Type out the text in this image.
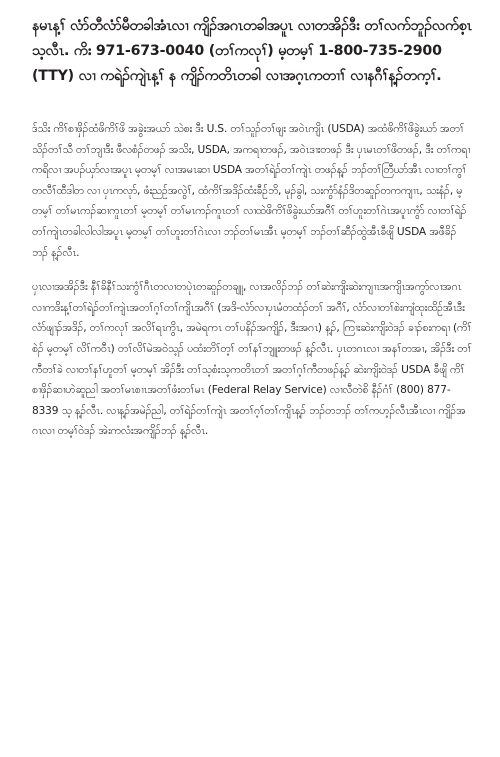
နမၤန့ၢ် လံာ်တီလံာ်မီတခါအံၤလၢ ကျိၣ်အဂၤတခါအပူၤ လၢတအိၣ်ဒီး တၢ်လက်ဘူၣ်လက်စ့ၤသ့လီၤ. ကိး 971-673-0040 (တၢ်ကလုၢ်) မ့တမ့ၢ် 1-800-735-2900 (TTY) လၢ ကရဲၣ်ကျဲၤန့ၢ် န ကျိၣ်ကတိၤတခါ လၢအဂ့ၤကတၢၢ် လၢနဂီၢ်န့ၣ်တက့ၢ်.

ဒ်သိး ကိၢ်စၢဖှိၣ်ထံဖိကိၢ်ဖိ အခွဲးအယာ် သဲစး ဒီး U.S. တၢ်သူၣ်တၢ်ဖျး အဝဲၤကျိၤ (USDA) အထံဖိကိၢ်ဖိခွဲးယာ် အတၢ်သိၣ်တၢ်သီ တၢ်ဘျၢဒီး ဖီလစံၣ်တဖၣ် အသိး, USDA, အကရၢတဖၣ်, အဝဲၤဒၢးတဖၣ် ဒီး ပှၤမၤတၢ်ဖိတဖၣ်, ဒီး တၢ်ကရၢကရိလၢ အပၣ်ယှာ်လၢအပူၤ မ့တမ့ၢ် လၢအမၤဆၢ USDA အတၢ်ရဲၣ်တၢ်ကျဲၤ တဖၣ်န့ၣ် ဘၣ်တၢ်တြီယာ်အီၤ လၢတၢ်ကွၢ်တလီၢ်ထီဒါတ လၢ ပှၤကလုာ်, ဖံးညဉ်အလွဲၢ်, ထံကိၢ်အဒိၣ်ထံးခီဉ်ဘိ, မုၣ်ခွါ, သးကွံာ်နံၣ်ဒိတဆူၣ်တကကျၢၤ, သးနံၣ်, မ့တမ့ၢ် တၢ်မၤကၣ်ဆၢကူၤတၢ် မ့တမ့ၢ် တၢ်မၤကၣ်ကူၤတၢ် လၢထဲဖိကိၢ်ဖိခွဲးယာ်အဂီၢ် တၢ်ဟူးတၢ်ဂဲၤအပူၤကွံာ် လၢတၢ်ရဲၣ်တၢ်ကျဲၤတခါလါလါအပူၤ မ့တမ့ၢ် တၢ်ဟူးတၢ်ဂဲၤလၢ ဘၣ်တၢ်မၤအီၤ မ့တမ့ၢ် ဘၣ်တၢ်ဆီၣ်ထွဲအီၤခီဖျိ USDA အဖီခိၣ်ဘၣ် န့ၣ်လီၤ.

ပှၤလၢအအိၣ်ဒီး နီၢ်ခိနီၢ်သးကွံၢ်ဂီၤတလၢတပုဲၤတဆူၣ်တချူ, လၢအလိၣ်ဘၣ် တၢ်ဆဲးကျိးဆဲးကျၢၤအကျိၤအကွာ်လၢအဂၤ လၢကဒိးန့ၢ်တၢ်ရဲၣ်တၢ်ကျဲၤအတၢ်ဂ့ၢ်တၢ်ကျိၤအဂီၢ် (အဒိ-လံာ်လၢပှၤမံတထံၣ်တၢ် အဂီၢ်, လံာ်လၢတၢ်စဲးကျံထုးထိဉ်အီၤဒီး လံာ်ဖျၢၣ်အဒိၣ်, တၢ်ကလုၢ် အလိၢ်ရၤကွိၤ, အမဲရကၤ တၢ်ပနိၣ်အကျိၣ်, ဒီးအဂၤ) န့ၣ်, ကြၢးဆဲးကျိးဝဲဒၣ် ခၢၣ်စးကရၢ (ကိၢ်စဲၣ် မ့တမ့ၢ် လိၢ်ကဝီၤ) တၢ်လိၢ်မဲအဝဲသ့ၣ် ပထံးတိၢ်တ့ၢ် တၢ်နၢ်ဘျူးတဖၣ် န့ၣ်လီၤ. ပှၤတဂၤလၢ အနၢ်တအၢ, အိၣ်ဒီး တၢ်ကီတၢ်ခဲ လၢတၢ်နၢ်ဟူတၢ် မ့တမ့ၢ် အိၣ်ဒီး တၢ်သ့စံးသ့ကတိၤတၢ် အတၢ်ဂ့ၢ်ကီတဖၣ်န့ၣ် ဆဲးကျိးဝဲဒၣ် USDA ခီဖျိ ကိၢ်စၢဖှိၣ်ဆၢဟဲဆူညါ အတၢ်မၤစၢၤအတၢ်ဖံးတၢ်မၤ (Federal Relay Service) လၢလီတဲစိ နီၣ်ဂံၢ် (800) 877-8339 သ့ န့ၣ်လီၤ. လၢန့ၣ်အမဲၣ်ညါ, တၢ်ရဲၣ်တၢ်ကျဲၤ အတၢ်ဂ့ၢ်တၢ်ကျိၤန့ၣ် ဘၣ်တဘၣ် တၢ်ကဟ့ၣ်လီၤအီၤလၢ ကျိၣ်အဂၤလၢ တမ့ၢ်ဝဲဒၣ် အဲးကလံးအကျိၣ်ဘၣ် န့ၣ်လီၤ.
